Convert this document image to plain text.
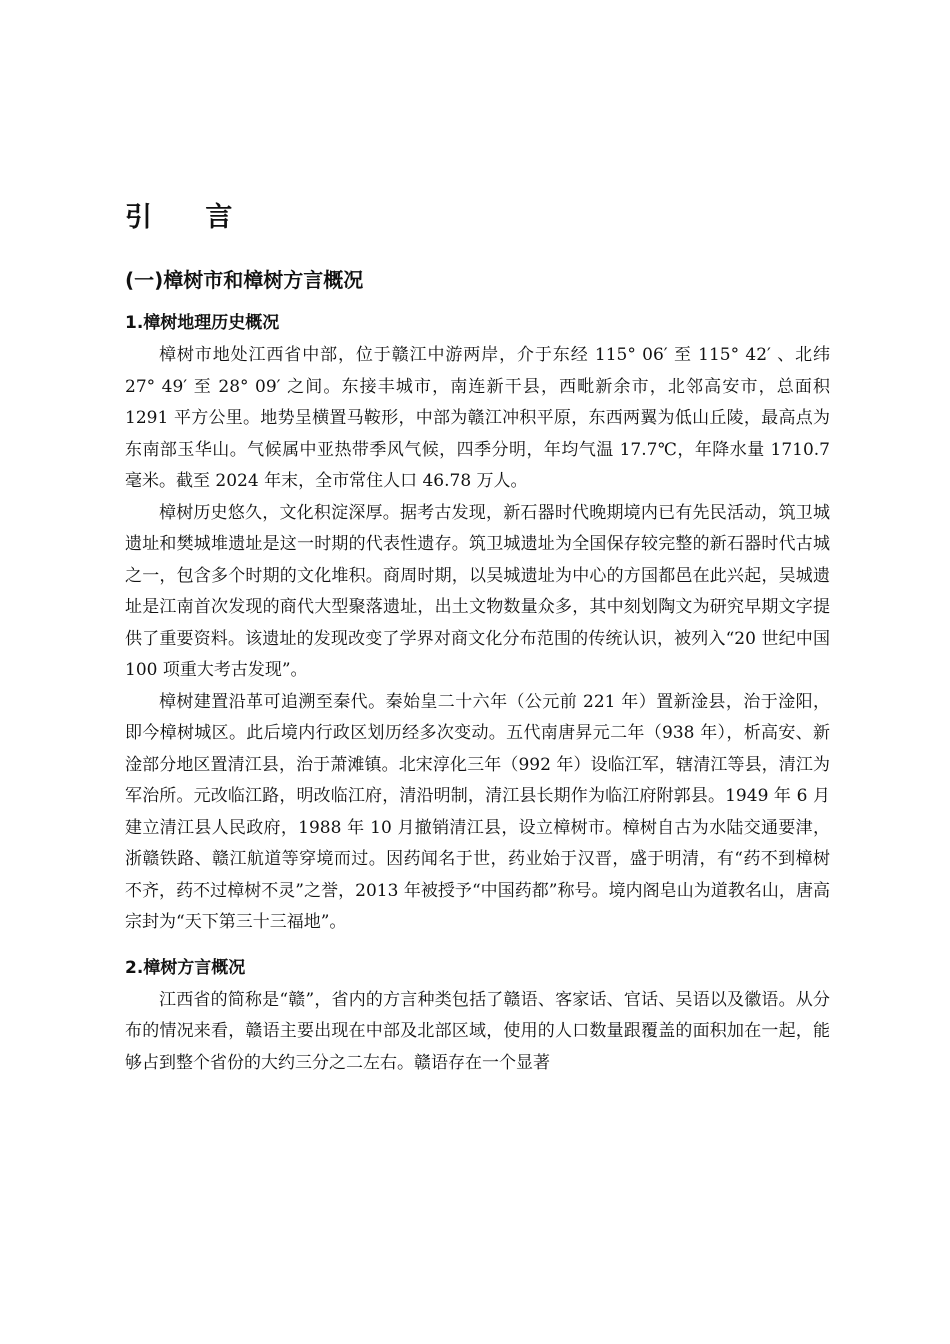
引 言
(一)樟树市和樟树方言概况
1.樟树地理历史概况

樟树市地处江西省中部，位于赣江中游两岸，介于东经 115° 06′ 至 115° 42′ 、北纬 27° 49′ 至 28° 09′ 之间。东接丰城市，南连新干县，西毗新余市，北邻高安市，总面积 1291 平方公里。地势呈横置马鞍形，中部为赣江冲积平原，东西两翼为低山丘陵，最高点为东南部玉华山。气候属中亚热带季风气候，四季分明，年均气温 17.7℃，年降水量 1710.7 毫米。截至 2024 年末，全市常住人口 46.78 万人。

樟树历史悠久，文化积淀深厚。据考古发现，新石器时代晚期境内已有先民活动，筑卫城遗址和樊城堆遗址是这一时期的代表性遗存。筑卫城遗址为全国保存较完整的新石器时代古城之一，包含多个时期的文化堆积。商周时期，以吴城遗址为中心的方国都邑在此兴起，吴城遗址是江南首次发现的商代大型聚落遗址，出土文物数量众多，其中刻划陶文为研究早期文字提供了重要资料。该遗址的发现改变了学界对商文化分布范围的传统认识，被列入“20 世纪中国 100 项重大考古发现”。

樟树建置沿革可追溯至秦代。秦始皇二十六年（公元前 221 年）置新淦县，治于淦阳，即今樟树城区。此后境内行政区划历经多次变动。五代南唐昇元二年（938 年），析高安、新淦部分地区置清江县，治于萧滩镇。北宋淳化三年（992 年）设临江军，辖清江等县，清江为军治所。元改临江路，明改临江府，清沿明制，清江县长期作为临江府附郭县。1949 年 6 月建立清江县人民政府，1988 年 10 月撤销清江县，设立樟树市。樟树自古为水陆交通要津，浙赣铁路、赣江航道等穿境而过。因药闻名于世，药业始于汉晋，盛于明清，有“药不到樟树不齐，药不过樟树不灵”之誉，2013 年被授予“中国药都”称号。境内阁皂山为道教名山，唐高宗封为“天下第三十三福地”。

2.樟树方言概况

江西省的简称是“赣”，省内的方言种类包括了赣语、客家话、官话、吴语以及徽语。从分布的情况来看，赣语主要出现在中部及北部区域，使用的人口数量跟覆盖的面积加在一起，能够占到整个省份的大约三分之二左右。赣语存在一个显著
